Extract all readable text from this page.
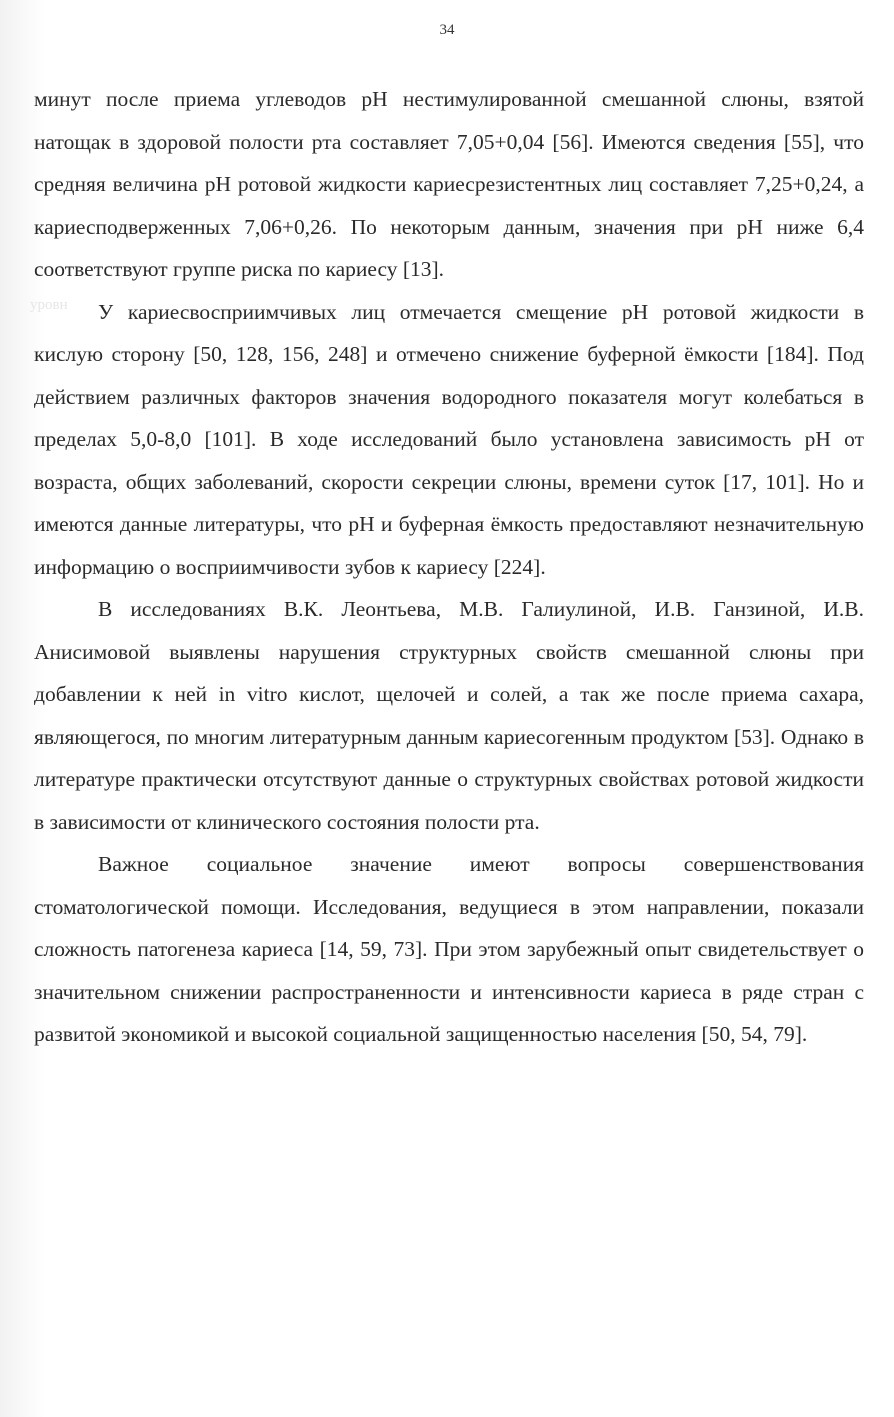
34
уровн

минут после приема углеводов рН нестимулированной смешанной слюны, взятой натощак в здоровой полости рта составляет 7,05+0,04 [56]. Имеются сведения [55], что средняя величина рН ротовой жидкости кариесрезистентных лиц составляет 7,25+0,24, а кариесподверженных 7,06+0,26. По некоторым данным, значения при рН ниже 6,4 соответствуют группе риска по кариесу [13].

У кариесвосприимчивых лиц отмечается смещение рН ротовой жидкости в кислую сторону [50, 128, 156, 248] и отмечено снижение буферной ёмкости [184]. Под действием различных факторов значения водородного показателя могут колебаться в пределах 5,0-8,0 [101]. В ходе исследований было установлена зависимость рН от возраста, общих заболеваний, скорости секреции слюны, времени суток [17, 101]. Но и имеются данные литературы, что рН и буферная ёмкость предоставляют незначительную информацию о восприимчивости зубов к кариесу [224].

В исследованиях В.К. Леонтьева, М.В. Галиулиной, И.В. Ганзиной, И.В. Анисимовой выявлены нарушения структурных свойств смешанной слюны при добавлении к ней in vitro кислот, щелочей и солей, а так же после приема сахара, являющегося, по многим литературным данным кариесогенным продуктом [53]. Однако в литературе практически отсутствуют данные о структурных свойствах ротовой жидкости в зависимости от клинического состояния полости рта.

Важное социальное значение имеют вопросы совершенствования стоматологической помощи. Исследования, ведущиеся в этом направлении, показали сложность патогенеза кариеса [14, 59, 73]. При этом зарубежный опыт свидетельствует о значительном снижении распространенности и интенсивности кариеса в ряде стран с развитой экономикой и высокой социальной защищенностью населения [50, 54, 79].
